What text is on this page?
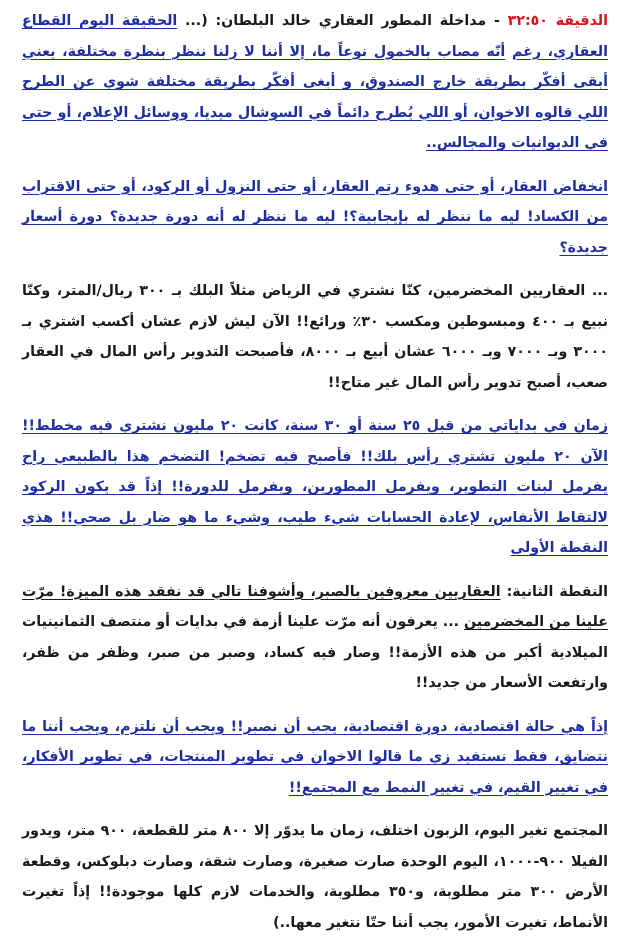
الدقيقة ٣٢:٥٠ - مداخلة المطور العقاري خالد البلطان: (... الحقيقة اليوم القطاع العقاري، رغم أنّه مصاب بالخمول نوعاً ما، إلا أننا لا زلنا ننظر بنظرة مختلفة، يعني أبقى أفكّر بطريقة خارج الصندوق، و أبغى أفكّر بطريقة مختلفة شوي عن الطرح اللي قالوه الاخوان، أو اللي يُطرح دائماً في السوشال ميديا، ووسائل الإعلام، أو حتى في الديوانيات والمجالس..

انخفاض العقار، أو حتى هدوء رتم العقار، أو حتى النزول أو الركود، أو حتى الاقتراب من الكساد! ليه ما ننظر له بإيجابية؟! ليه ما ننظر له أنه دورة جديدة؟ دورة أسعار جديدة؟

... العقاريين المخضرمين، كنّا نشتري في الرياض مثلاً البلك بـ ٣٠٠ ريال/المتر، وكنّا نبيع بـ ٤٠٠ ومبسوطين ومكسب ٣٠٪ ورائع!! الآن ليش لازم عشان أكسب اشتري بـ ٣٠٠٠ وبـ ٧٠٠٠ وبـ ٦٠٠٠ عشان أبيع بـ ٨٠٠٠، فأصبحت التدوير رأس المال في العقار صعب، أصبح تدوير رأس المال غير متاح!!

زمان في بداياتي من قبل ٢٥ سنة أو ٣٠ سنة، كانت ٢٠ مليون نشتري فيه مخطط!! الآن ٢٠ مليون تشتري رأس بلك!! فأصبح فيه تضخم! التضخم هذا بالطبيعي راح يفرمل لبنات التطوير، ويفرمل المطورين، ويفرمل للدورة!! إذاً قد يكون الركود لالتقاط الأنفاس، لإعادة الحسابات شيء طيب، وشيء ما هو ضار بل صحي!! هذي النقطة الأولى

النقطة الثانية: العقاريين معروفين بالصبر، وأشوفنا تالي قد نفقد هذه الميزة! مرّت علينا من المخضرمين ... يعرفون أنه مرّت علينا أزمة في بدايات أو منتصف الثمانينيات الميلادية أكبر من هذه الأزمة!! وصار فيه كساد، وصبر من صبر، وظفر من ظفر، وارتفعت الأسعار من جديد!!

إذاً هي حالة اقتصادية، دورة اقتصادية، يجب أن نصبر!! ويجب أن نلتزم، ويجب أننا ما نتضايق، فقط نستفيد زي ما قالوا الاخوان في تطوير المنتجات، في تطوير الأفكار، في تغيير القيم، في تغيير النمط مع المجتمع!!

المجتمع تغير اليوم، الزبون اختلف، زمان ما يدوّر إلا ٨٠٠ متر للقطعة، ٩٠٠ متر، ويدور الفيلا ٩٠٠-١٠٠٠، اليوم الوحدة صارت صغيرة، وصارت شقة، وصارت دبلوكس، وقطعة الأرض ٣٠٠ متر مطلوبة، و٣٥٠ مطلوبة، والخدمات لازم كلها موجودة!! إذاً تغيرت الأنماط، تغيرت الأمور، يجب أننا حتّا نتغير معها..)
